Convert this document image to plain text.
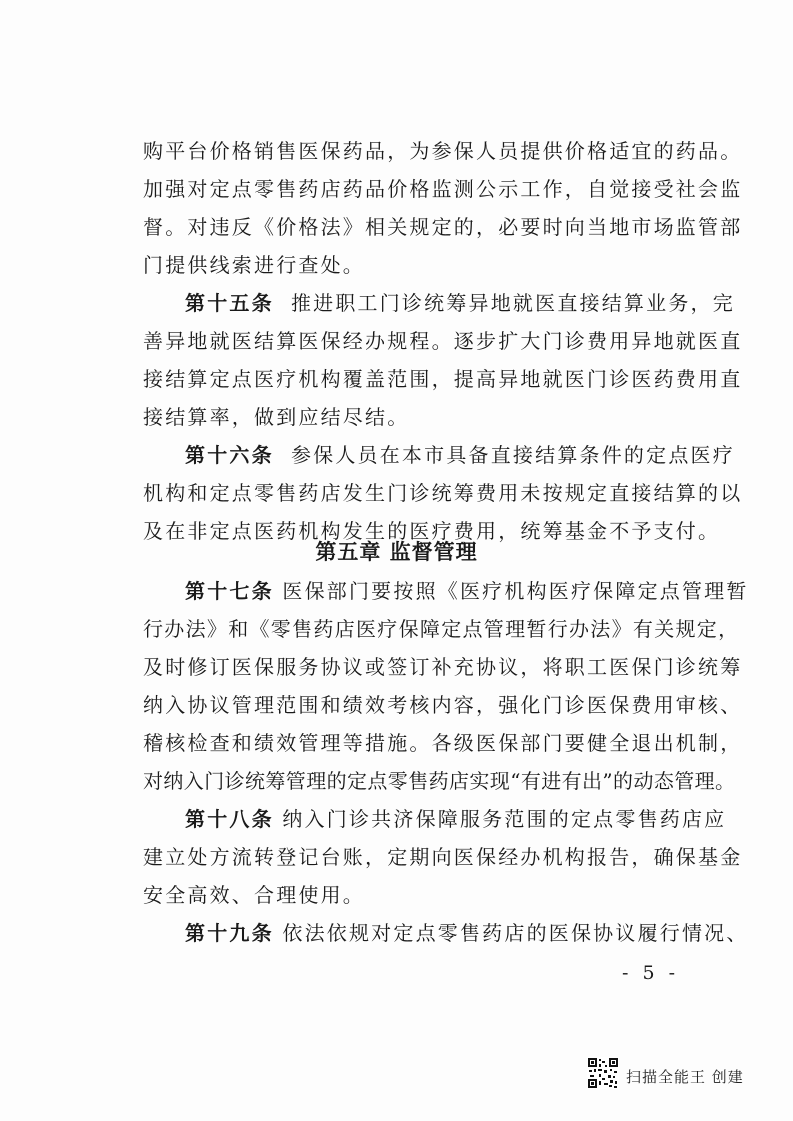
购平台价格销售医保药品，为参保人员提供价格适宜的药品。
加强对定点零售药店药品价格监测公示工作，自觉接受社会监
督。对违反《价格法》相关规定的，必要时向当地市场监管部
门提供线索进行查处。
第十五条 推进职工门诊统筹异地就医直接结算业务，完
善异地就医结算医保经办规程。逐步扩大门诊费用异地就医直
接结算定点医疗机构覆盖范围，提高异地就医门诊医药费用直
接结算率，做到应结尽结。
第十六条 参保人员在本市具备直接结算条件的定点医疗
机构和定点零售药店发生门诊统筹费用未按规定直接结算的以
及在非定点医药机构发生的医疗费用，统筹基金不予支付。
第五章 监督管理
第十七条 医保部门要按照《医疗机构医疗保障定点管理暂
行办法》和《零售药店医疗保障定点管理暂行办法》有关规定，
及时修订医保服务协议或签订补充协议，将职工医保门诊统筹
纳入协议管理范围和绩效考核内容，强化门诊医保费用审核、
稽核检查和绩效管理等措施。各级医保部门要健全退出机制，
对纳入门诊统筹管理的定点零售药店实现“有进有出”的动态管理。
第十八条 纳入门诊共济保障服务范围的定点零售药店应
建立处方流转登记台账，定期向医保经办机构报告，确保基金
安全高效、合理使用。
第十九条 依法依规对定点零售药店的医保协议履行情况、
- 5 -
扫描全能王 创建
